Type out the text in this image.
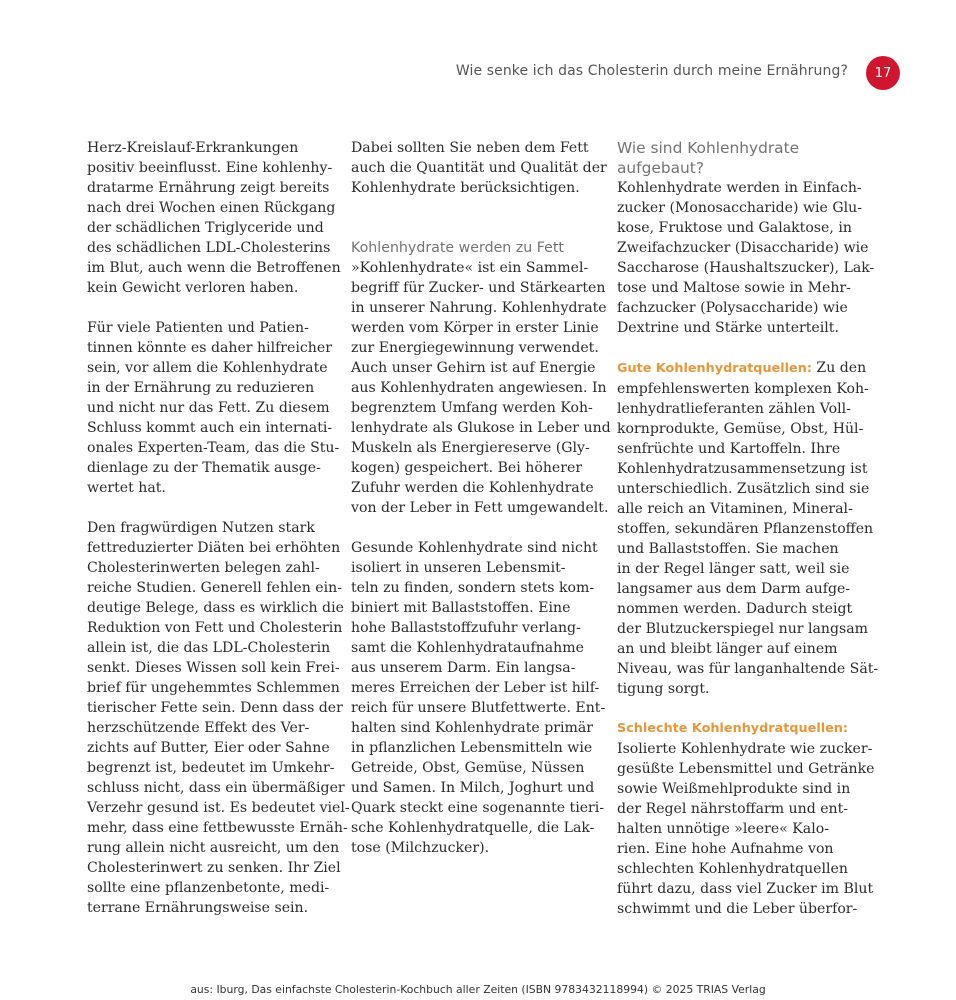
Wie senke ich das Cholesterin durch meine Ernährung?	17
Herz-Kreislauf-Erkrankungen
positiv beeinflusst. Eine kohlenhy-
dratarme Ernährung zeigt bereits
nach drei Wochen einen Rückgang
der schädlichen Triglyceride und
des schädlichen LDL-Cholesterins
im Blut, auch wenn die Betroffenen
kein Gewicht verloren haben.
Für viele Patienten und Patien-
tinnen könnte es daher hilfreicher
sein, vor allem die Kohlenhydrate
in der Ernährung zu reduzieren
und nicht nur das Fett. Zu diesem
Schluss kommt auch ein internati-
onales Experten-Team, das die Stu-
dienlage zu der Thematik ausge-
wertet hat.
Den fragwürdigen Nutzen stark
fettreduzierter Diäten bei erhöhten
Cholesterinwerten belegen zahl-
reiche Studien. Generell fehlen ein-
deutige Belege, dass es wirklich die
Reduktion von Fett und Cholesterin
allein ist, die das LDL-Cholesterin
senkt. Dieses Wissen soll kein Frei-
brief für ungehemmtes Schlemmen
tierischer Fette sein. Denn dass der
herzschützende Effekt des Ver-
zichts auf Butter, Eier oder Sahne
begrenzt ist, bedeutet im Umkehr-
schluss nicht, dass ein übermäßiger
Verzehr gesund ist. Es bedeutet viel-
mehr, dass eine fettbewusste Ernäh-
rung allein nicht ausreicht, um den
Cholesterinwert zu senken. Ihr Ziel
sollte eine pflanzenbetonte, medi-
terrane Ernährungsweise sein.
Dabei sollten Sie neben dem Fett
auch die Quantität und Qualität der
Kohlenhydrate berücksichtigen.
Kohlenhydrate werden zu Fett
»Kohlenhydrate« ist ein Sammel-
begriff für Zucker- und Stärkearten
in unserer Nahrung. Kohlenhydrate
werden vom Körper in erster Linie
zur Energiegewinnung verwendet.
Auch unser Gehirn ist auf Energie
aus Kohlenhydraten angewiesen. In
begrenztem Umfang werden Koh-
lenhydrate als Glukose in Leber und
Muskeln als Energiereserve (Gly-
kogen) gespeichert. Bei höherer
Zufuhr werden die Kohlenhydrate
von der Leber in Fett umgewandelt.
Gesunde Kohlenhydrate sind nicht
isoliert in unseren Lebensmit-
teln zu finden, sondern stets kom-
biniert mit Ballaststoffen. Eine
hohe Ballaststoffzufuhr verlang-
samt die Kohlenhydrataufnahme
aus unserem Darm. Ein langsa-
meres Erreichen der Leber ist hilf-
reich für unsere Blutfettwerte. Ent-
halten sind Kohlenhydrate primär
in pflanzlichen Lebensmitteln wie
Getreide, Obst, Gemüse, Nüssen
und Samen. In Milch, Joghurt und
Quark steckt eine sogenannte tieri-
sche Kohlenhydratquelle, die Lak-
tose (Milchzucker).
Wie sind Kohlenhydrate
aufgebaut?
Kohlenhydrate werden in Einfach-
zucker (Monosaccharide) wie Glu-
kose, Fruktose und Galaktose, in
Zweifachzucker (Disaccharide) wie
Saccharose (Haushaltszucker), Lak-
tose und Maltose sowie in Mehr-
fachzucker (Polysaccharide) wie
Dextrine und Stärke unterteilt.
Gute Kohlenhydratquellen: Zu den
empfehlenswerten komplexen Koh-
lenhydratlieferanten zählen Voll-
kornprodukte, Gemüse, Obst, Hül-
senfrüchte und Kartoffeln. Ihre
Kohlenhydratzusammensetzung ist
unterschiedlich. Zusätzlich sind sie
alle reich an Vitaminen, Mineral-
stoffen, sekundären Pflanzenstoffen
und Ballaststoffen. Sie machen
in der Regel länger satt, weil sie
langsamer aus dem Darm aufge-
nommen werden. Dadurch steigt
der Blutzuckerspiegel nur langsam
an und bleibt länger auf einem
Niveau, was für langanhaltende Sät-
tigung sorgt.
Schlechte Kohlenhydratquellen:
Isolierte Kohlenhydrate wie zucker-
gesüßte Lebensmittel und Getränke
sowie Weißmehlprodukte sind in
der Regel nährstoffarm und ent-
halten unnötige »leere« Kalo-
rien. Eine hohe Aufnahme von
schlechten Kohlenhydratquellen
führt dazu, dass viel Zucker im Blut
schwimmt und die Leber überfor-
aus: Iburg, Das einfachste Cholesterin-Kochbuch aller Zeiten (ISBN 9783432118994) © 2025 TRIAS Verlag
